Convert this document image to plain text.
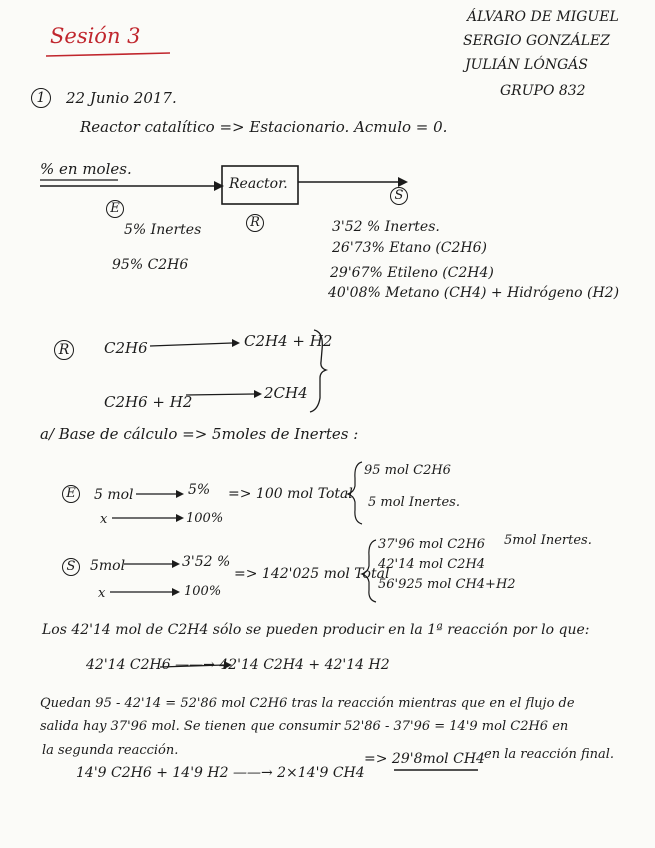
Sesión 3
ÁLVARO DE MIGUEL
SERGIO GONZÁLEZ
JULIÁN LÓNGÁS
GRUPO 832
1	22 Junio 2017.
Reactor catalítico => Estacionario. Acmulo = 0.
% en moles.
Reactor.
E
R
S
5% Inertes
95% C2H6
3'52 % Inertes.
26'73% Etano (C2H6)
29'67% Etileno (C2H4)
40'08% Metano (CH4) + Hidrógeno (H2)
R	C2H6	C2H4 + H2
C2H6 + H2	2CH4
a/ Base de cálculo => 5moles de Inertes :
E	5 mol	5%
x	100%
=> 100 mol Total
95 mol C2H6
5 mol Inertes.
S	5mol	3'52 %
x	100%
=> 142'025 mol Total
37'96 mol C2H6
42'14 mol C2H4
56'925 mol CH4+H2
5mol Inertes.
Los 42'14 mol de C2H4 sólo se pueden producir en la 1ª reacción por lo que:
42'14 C2H6 ——→ 42'14 C2H4 + 42'14 H2
Quedan 95 - 42'14 = 52'86 mol C2H6 tras la reacción mientras que en el flujo de
salida hay 37'96 mol. Se tienen que consumir 52'86 - 37'96 = 14'9 mol C2H6 en
la segunda reacción.
14'9 C2H6 + 14'9 H2 ——→ 2×14'9 CH4
=> 29'8mol CH4 en la reacción final.
